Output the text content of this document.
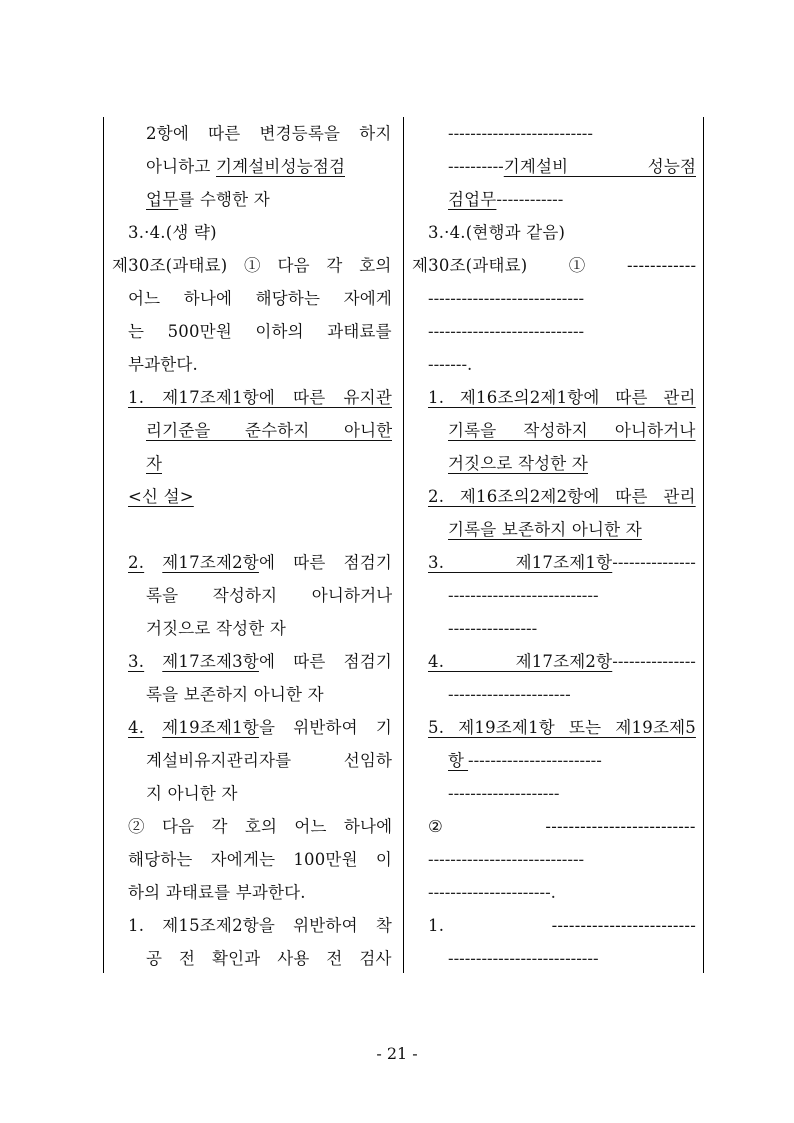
2항에 따른 변경등록을 하지
아니하고 기계설비성능점검
업무를 수행한 자
3.·4.(생 략)
제30조(과태료) ① 다음 각 호의
어느 하나에 해당하는 자에게
는 500만원 이하의 과태료를
부과한다.
1. 제17조제1항에 따른 유지관
리기준을 준수하지 아니한
자
<신 설>
2. 제17조제2항에 따른 점검기
록을 작성하지 아니하거나
거짓으로 작성한 자
3. 제17조제3항에 따른 점검기
록을 보존하지 아니한 자
4. 제19조제1항을 위반하여 기
계설비유지관리자를 선임하
지 아니한 자
② 다음 각 호의 어느 하나에
해당하는 자에게는 100만원 이
하의 과태료를 부과한다.
1. 제15조제2항을 위반하여 착
공 전 확인과 사용 전 검사
--------------------------
----------기계설비 성능점
검업무------------
3.·4.(현행과 같음)
제30조(과태료) ① ------------
----------------------------
----------------------------
-------.
1. 제16조의2제1항에 따른 관리
기록을 작성하지 아니하거나
거짓으로 작성한 자
2. 제16조의2제2항에 따른 관리
기록을 보존하지 아니한 자
3. 제17조제1항---------------
---------------------------
----------------
4. 제17조제2항---------------
----------------------
5. 제19조제1항 또는 제19조제5
항------------------------
--------------------
② --------------------------
----------------------------
----------------------.
1. -------------------------
---------------------------
- 21 -
